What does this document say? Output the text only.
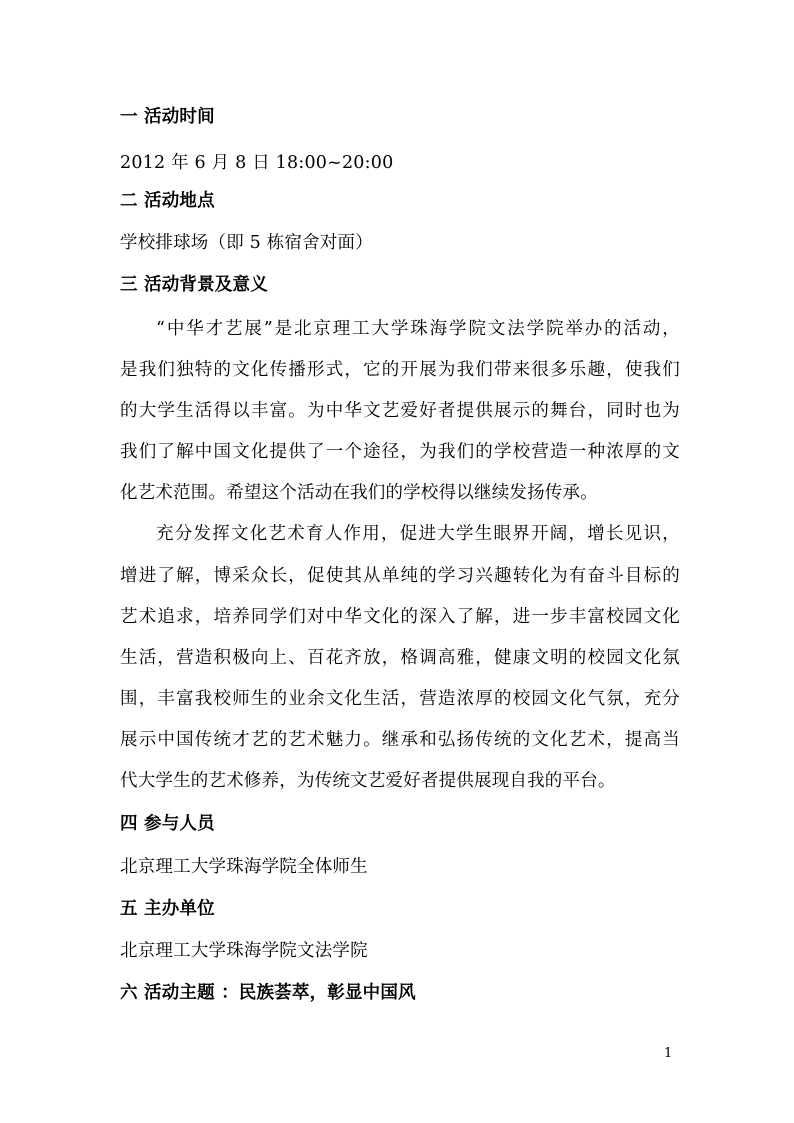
一 活动时间
2012 年 6 月 8 日 18:00~20:00
二 活动地点
学校排球场（即 5 栋宿舍对面）
三 活动背景及意义
“中华才艺展”是北京理工大学珠海学院文法学院举办的活动，
是我们独特的文化传播形式，它的开展为我们带来很多乐趣，使我们
的大学生活得以丰富。为中华文艺爱好者提供展示的舞台，同时也为
我们了解中国文化提供了一个途径，为我们的学校营造一种浓厚的文
化艺术范围。希望这个活动在我们的学校得以继续发扬传承。
充分发挥文化艺术育人作用，促进大学生眼界开阔，增长见识，
增进了解，博采众长，促使其从单纯的学习兴趣转化为有奋斗目标的
艺术追求，培养同学们对中华文化的深入了解，进一步丰富校园文化
生活，营造积极向上、百花齐放，格调高雅，健康文明的校园文化氛
围，丰富我校师生的业余文化生活，营造浓厚的校园文化气氛，充分
展示中国传统才艺的艺术魅力。继承和弘扬传统的文化艺术，提高当
代大学生的艺术修养，为传统文艺爱好者提供展现自我的平台。
四 参与人员
北京理工大学珠海学院全体师生
五 主办单位
北京理工大学珠海学院文法学院
六 活动主题 ：民族荟萃，彰显中国风
1
